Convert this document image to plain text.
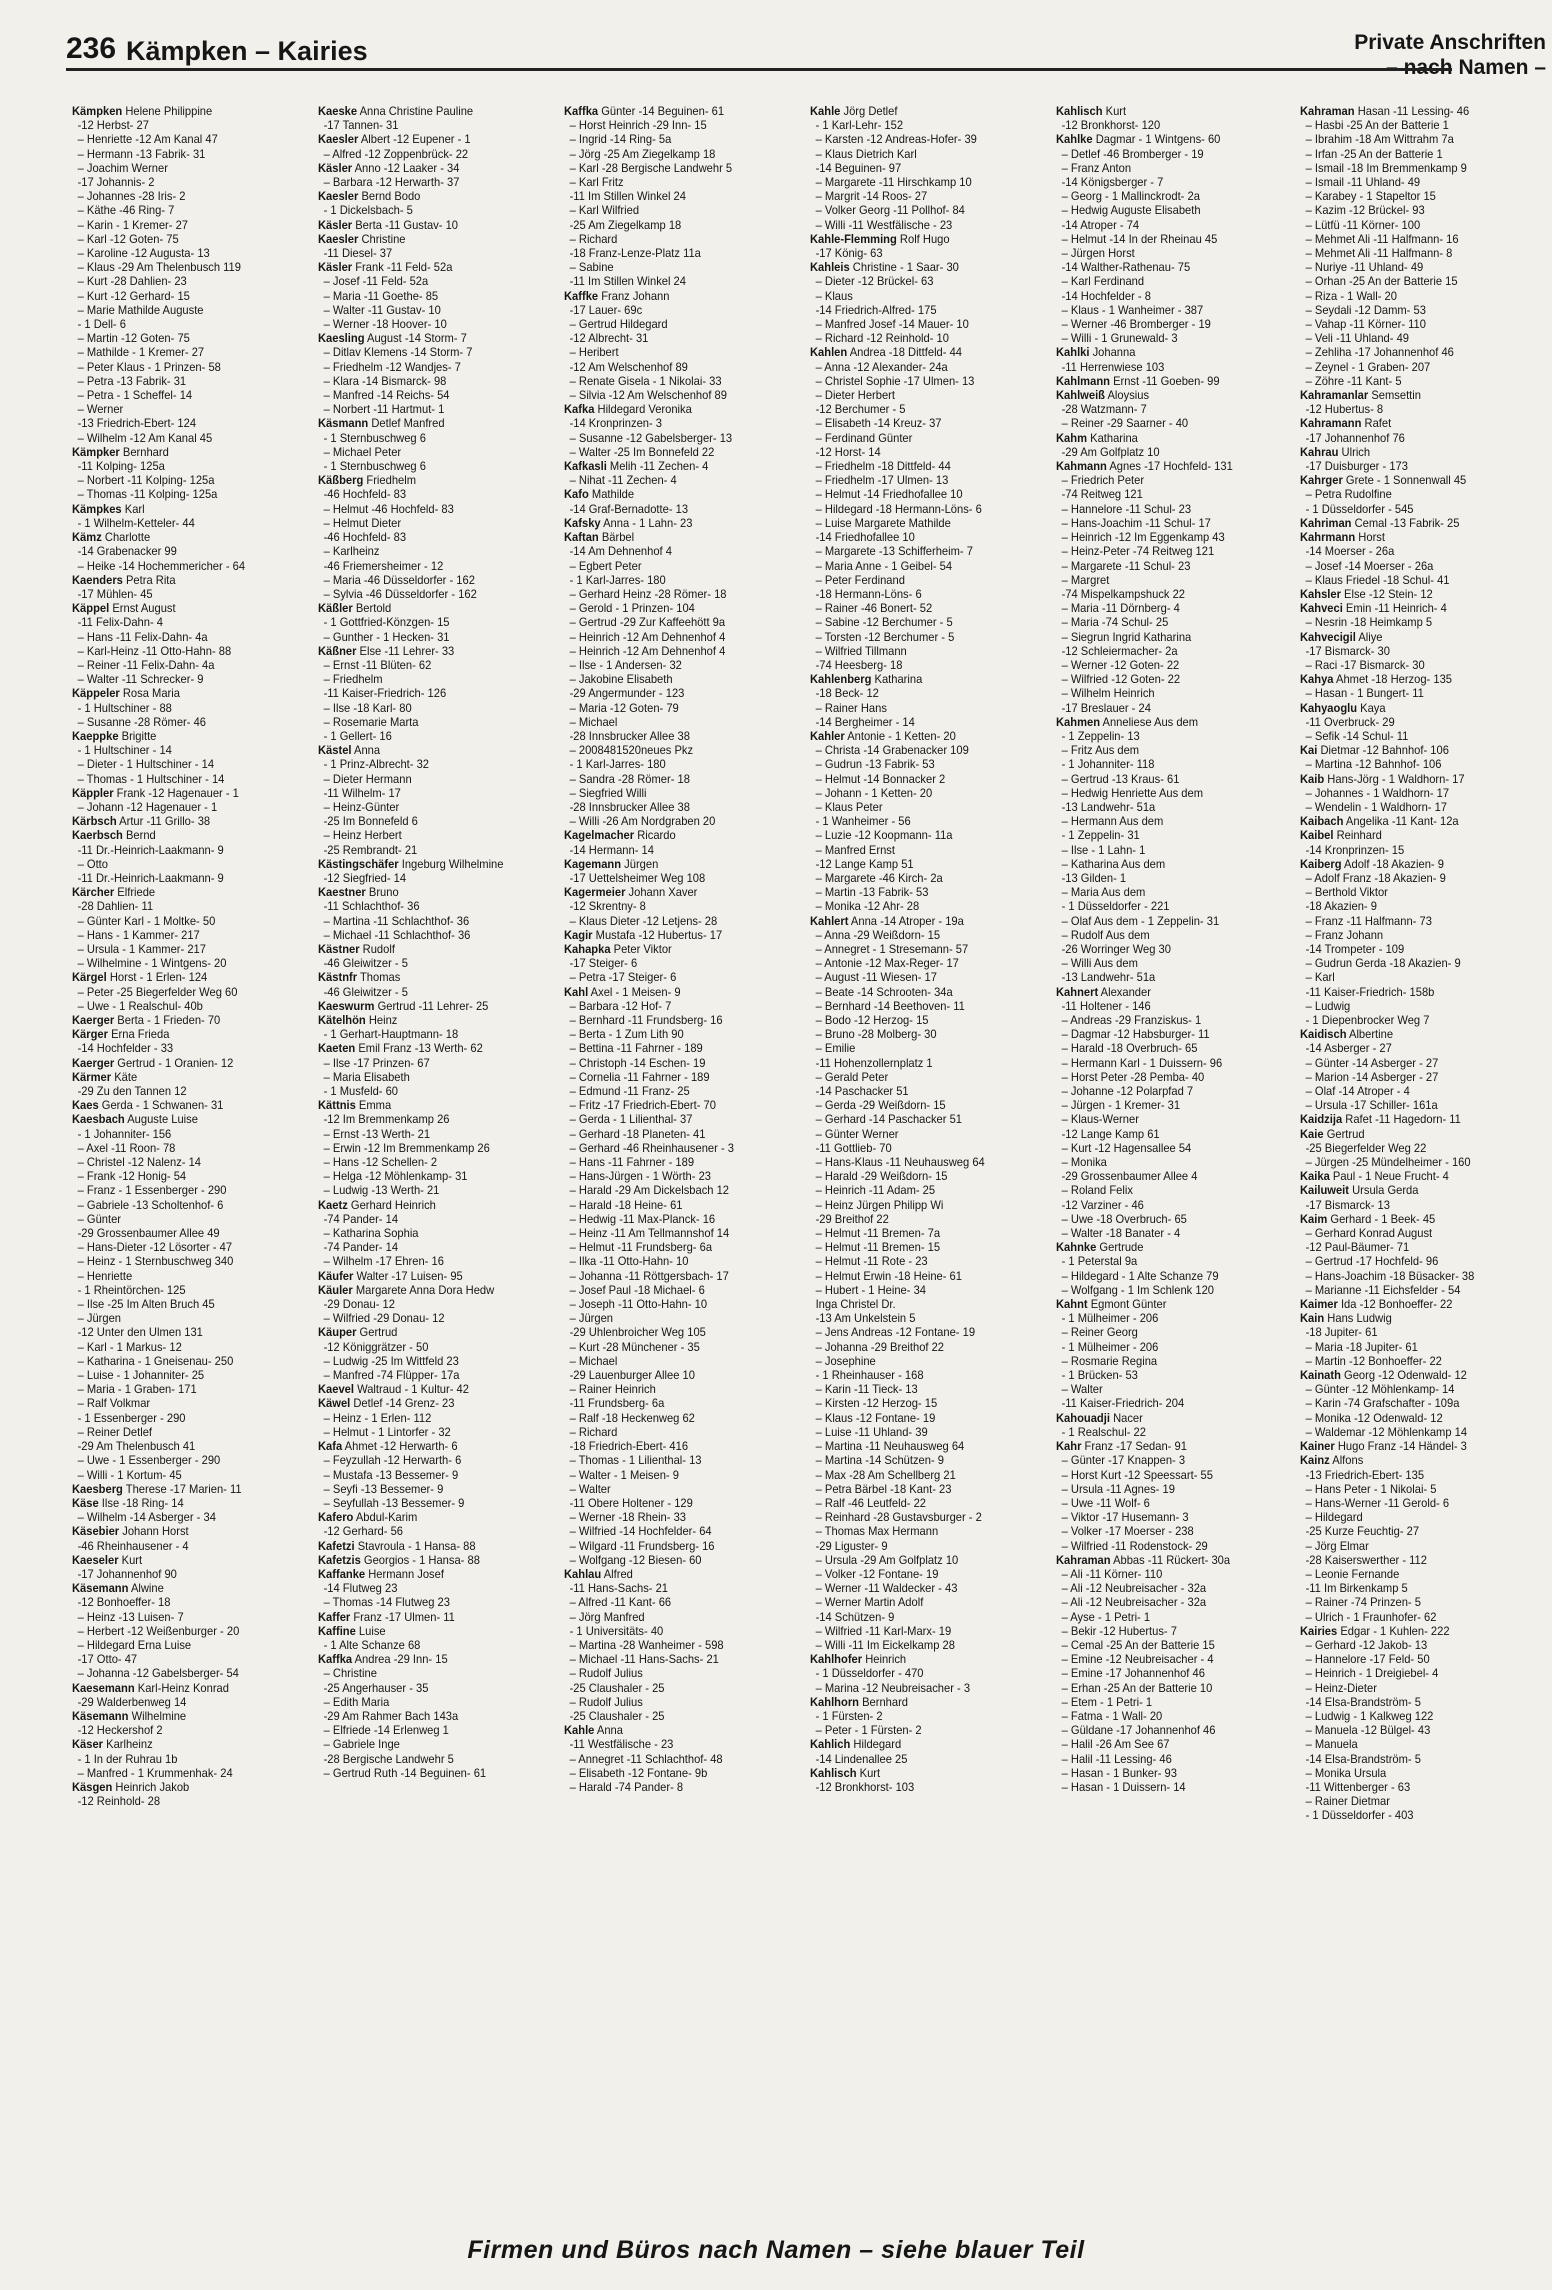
236 Kämpken – Kairies	Private Anschriften
– nach Namen –
Kämpken Helene Philippine
-12 Herbst- 27
– Henriette -12 Am Kanal 47
– Hermann -13 Fabrik- 31
– Joachim Werner
-17 Johannis- 2
– Johannes -28 Iris- 2
– Käthe -46 Ring- 7
– Karin - 1 Kremer- 27
– Karl -12 Goten- 75
– Karoline -12 Augusta- 13
– Klaus -29 Am Thelenbusch 119
– Kurt -28 Dahlien- 23
– Kurt -12 Gerhard- 15
– Marie Mathilde Auguste
- 1 Dell- 6
– Martin -12 Goten- 75
– Mathilde - 1 Kremer- 27
– Peter Klaus - 1 Prinzen- 58
– Petra -13 Fabrik- 31
– Petra - 1 Scheffel- 14
– Werner
-13 Friedrich-Ebert- 124
– Wilhelm -12 Am Kanal 45
Kämpker Bernhard
-11 Kolping- 125a
– Norbert -11 Kolping- 125a
– Thomas -11 Kolping- 125a
Kämpkes Karl
- 1 Wilhelm-Ketteler- 44
Kämz Charlotte
-14 Grabenacker 99
– Heike -14 Hochemmericher - 64
Kaenders Petra Rita
-17 Mühlen- 45
Käppel Ernst August
-11 Felix-Dahn- 4
– Hans -11 Felix-Dahn- 4a
– Karl-Heinz -11 Otto-Hahn- 88
– Reiner -11 Felix-Dahn- 4a
– Walter -11 Schrecker- 9
Käppeler Rosa Maria
- 1 Hultschiner - 88
– Susanne -28 Römer- 46
Kaeppke Brigitte
- 1 Hultschiner - 14
– Dieter - 1 Hultschiner - 14
– Thomas - 1 Hultschiner - 14
Käppler Frank -12 Hagenauer - 1
– Johann -12 Hagenauer - 1
Kärbsch Artur -11 Grillo- 38
Kaerbsch Bernd
-11 Dr.-Heinrich-Laakmann- 9
– Otto
-11 Dr.-Heinrich-Laakmann- 9
Kärcher Elfriede
-28 Dahlien- 11
– Günter Karl - 1 Moltke- 50
– Hans - 1 Kammer- 217
– Ursula - 1 Kammer- 217
– Wilhelmine - 1 Wintgens- 20
Kärgel Horst - 1 Erlen- 124
– Peter -25 Biegerfelder Weg 60
– Uwe - 1 Realschul- 40b
Kaerger Berta - 1 Frieden- 70
Kärger Erna Frieda
-14 Hochfelder - 33
Kaerger Gertrud - 1 Oranien- 12
Kärmer Käte
-29 Zu den Tannen 12
Kaes Gerda - 1 Schwanen- 31
Kaesbach Auguste Luise
- 1 Johanniter- 156
– Axel -11 Roon- 78
– Christel -12 Nalenz- 14
– Frank -12 Honig- 54
– Franz - 1 Essenberger - 290
– Gabriele -13 Scholtenhof- 6
– Günter
-29 Grossenbaumer Allee 49
– Hans-Dieter -12 Lösorter - 47
– Heinz - 1 Sternbuschweg 340
– Henriette
- 1 Rheintörchen- 125
– Ilse -25 Im Alten Bruch 45
– Jürgen
-12 Unter den Ulmen 131
– Karl - 1 Markus- 12
– Katharina - 1 Gneisenau- 250
– Luise - 1 Johanniter- 25
– Maria - 1 Graben- 171
– Ralf Volkmar
- 1 Essenberger - 290
– Reiner Detlef
-29 Am Thelenbusch 41
– Uwe - 1 Essenberger - 290
– Willi - 1 Kortum- 45
Kaesberg Therese -17 Marien- 11
Käse Ilse -18 Ring- 14
– Wilhelm -14 Asberger - 34
Käsebier Johann Horst
-46 Rheinhausener - 4
Kaeseler Kurt
-17 Johannenhof 90
Käsemann Alwine
-12 Bonhoeffer- 18
– Heinz -13 Luisen- 7
– Herbert -12 Weißenburger - 20
– Hildegard Erna Luise
-17 Otto- 47
– Johanna -12 Gabelsberger- 54
Kaesemann Karl-Heinz Konrad
-29 Walderbenweg 14
Käsemann Wilhelmine
-12 Heckershof 2
Käser Karlheinz
- 1 In der Ruhrau 1b
– Manfred - 1 Krummenhak- 24
Käsgen Heinrich Jakob
-12 Reinhold- 28
Kaeske Anna Christine Pauline
-17 Tannen- 31
Kaesler Albert -12 Eupener - 1
– Alfred -12 Zoppenbrück- 22
Käsler Anno -12 Laaker - 34
– Barbara -12 Herwarth- 37
Kaesler Bernd Bodo
- 1 Dickelsbach- 5
Käsler Berta -11 Gustav- 10
Kaesler Christine
-11 Diesel- 37
Käsler Frank -11 Feld- 52a
– Josef -11 Feld- 52a
– Maria -11 Goethe- 85
– Walter -11 Gustav- 10
– Werner -18 Hoover- 10
Kaesling August -14 Storm- 7
– Ditlav Klemens -14 Storm- 7
– Friedhelm -12 Wandjes- 7
– Klara -14 Bismarck- 98
– Manfred -14 Reichs- 54
– Norbert -11 Hartmut- 1
Käsmann Detlef Manfred
- 1 Sternbuschweg 6
– Michael Peter
- 1 Sternbuschweg 6
Käßberg Friedhelm
-46 Hochfeld- 83
– Helmut -46 Hochfeld- 83
– Helmut Dieter
-46 Hochfeld- 83
– Karlheinz
-46 Friemersheimer - 12
– Maria -46 Düsseldorfer - 162
– Sylvia -46 Düsseldorfer - 162
Käßler Bertold
- 1 Gottfried-Könzgen- 15
– Gunther - 1 Hecken- 31
Käßner Else -11 Lehrer- 33
– Ernst -11 Blüten- 62
– Friedhelm
-11 Kaiser-Friedrich- 126
– Ilse -18 Karl- 80
– Rosemarie Marta
- 1 Gellert- 16
Kästel Anna
- 1 Prinz-Albrecht- 32
– Dieter Hermann
-11 Wilhelm- 17
– Heinz-Günter
-25 Im Bonnefeld 6
– Heinz Herbert
-25 Rembrandt- 21
Kästingschäfer Ingeburg Wilhelmine
-12 Siegfried- 14
Kaestner Bruno
-11 Schlachthof- 36
– Martina -11 Schlachthof- 36
– Michael -11 Schlachthof- 36
Kästner Rudolf
-46 Gleiwitzer - 5
Kästnfr Thomas
-46 Gleiwitzer - 5
Kaeswurm Gertrud -11 Lehrer- 25
Kätelhön Heinz
- 1 Gerhart-Hauptmann- 18
Kaeten Emil Franz -13 Werth- 62
– Ilse -17 Prinzen- 67
– Maria Elisabeth
- 1 Musfeld- 60
Kättnis Emma
-12 Im Bremmenkamp 26
– Ernst -13 Werth- 21
– Erwin -12 Im Bremmenkamp 26
– Hans -12 Schellen- 2
– Helga -12 Möhlenkamp- 31
– Ludwig -13 Werth- 21
Kaetz Gerhard Heinrich
-74 Pander- 14
– Katharina Sophia
-74 Pander- 14
– Wilhelm -17 Ehren- 16
Käufer Walter -17 Luisen- 95
Käuler Margarete Anna Dora Hedw
-29 Donau- 12
– Wilfried -29 Donau- 12
Käuper Gertrud
-12 Königgrätzer - 50
– Ludwig -25 Im Wittfeld 23
– Manfred -74 Flüpper- 17a
Kaevel Waltraud - 1 Kultur- 42
Käwel Detlef -14 Grenz- 23
– Heinz - 1 Erlen- 112
– Helmut - 1 Lintorfer - 32
Kafa Ahmet -12 Herwarth- 6
– Feyzullah -12 Herwarth- 6
– Mustafa -13 Bessemer- 9
– Seyfi -13 Bessemer- 9
– Seyfullah -13 Bessemer- 9
Kafero Abdul-Karim
-12 Gerhard- 56
Kafetzi Stavroula - 1 Hansa- 88
Kafetzis Georgios - 1 Hansa- 88
Kaffanke Hermann Josef
-14 Flutweg 23
– Thomas -14 Flutweg 23
Kaffer Franz -17 Ulmen- 11
Kaffine Luise
- 1 Alte Schanze 68
Kaffka Andrea -29 Inn- 15
– Christine
-25 Angerhauser - 35
– Edith Maria
-29 Am Rahmer Bach 143a
– Elfriede -14 Erlenweg 1
– Gabriele Inge
-28 Bergische Landwehr 5
– Gertrud Ruth -14 Beguinen- 61
Kaffka Günter -14 Beguinen- 61
– Horst Heinrich -29 Inn- 15
– Ingrid -14 Ring- 5a
– Jörg -25 Am Ziegelkamp 18
– Karl -28 Bergische Landwehr 5
– Karl Fritz
-11 Im Stillen Winkel 24
– Karl Wilfried
-25 Am Ziegelkamp 18
– Richard
-18 Franz-Lenze-Platz 11a
– Sabine
-11 Im Stillen Winkel 24
Kaffke Franz Johann
-17 Lauer- 69c
– Gertrud Hildegard
-12 Albrecht- 31
– Heribert
-12 Am Welschenhof 89
– Renate Gisela - 1 Nikolai- 33
– Silvia -12 Am Welschenhof 89
Kafka Hildegard Veronika
-14 Kronprinzen- 3
– Susanne -12 Gabelsberger- 13
– Walter -25 Im Bonnefeld 22
Kafkasli Melih -11 Zechen- 4
– Nihat -11 Zechen- 4
Kafo Mathilde
-14 Graf-Bernadotte- 13
Kafsky Anna - 1 Lahn- 23
Kaftan Bärbel
-14 Am Dehnenhof 4
– Egbert Peter
- 1 Karl-Jarres- 180
– Gerhard Heinz -28 Römer- 18
– Gerold - 1 Prinzen- 104
– Gertrud -29 Zur Kaffeehött 9a
– Heinrich -12 Am Dehnenhof 4
– Heinrich -12 Am Dehnenhof 4
– Ilse - 1 Andersen- 32
– Jakobine Elisabeth
-29 Angermunder - 123
– Maria -12 Goten- 79
– Michael
-28 Innsbrucker Allee 38
– 2008481520neues Pkz
- 1 Karl-Jarres- 180
– Sandra -28 Römer- 18
– Siegfried Willi
-28 Innsbrucker Allee 38
– Willi -26 Am Nordgraben 20
Kagelmacher Ricardo
-14 Hermann- 14
Kagemann Jürgen
-17 Uettelsheimer Weg 108
Kagermeier Johann Xaver
-12 Skrentny- 8
– Klaus Dieter -12 Letjens- 28
Kagir Mustafa -12 Hubertus- 17
Kahapka Peter Viktor
-17 Steiger- 6
– Petra -17 Steiger- 6
Kahl Axel - 1 Meisen- 9
– Barbara -12 Hof- 7
– Bernhard -11 Frundsberg- 16
– Berta - 1 Zum Lith 90
– Bettina -11 Fahrner - 189
– Christoph -14 Eschen- 19
– Cornelia -11 Fahrner - 189
– Edmund -11 Franz- 25
– Fritz -17 Friedrich-Ebert- 70
– Gerda - 1 Lilienthal- 37
– Gerhard -18 Planeten- 41
– Gerhard -46 Rheinhausener - 3
– Hans -11 Fahrner - 189
– Hans-Jürgen - 1 Wörth- 23
– Harald -29 Am Dickelsbach 12
– Harald -18 Heine- 61
– Hedwig -11 Max-Planck- 16
– Heinz -11 Am Tellmannshof 14
– Helmut -11 Frundsberg- 6a
– Ilka -11 Otto-Hahn- 10
– Johanna -11 Röttgersbach- 17
– Josef Paul -18 Michael- 6
– Joseph -11 Otto-Hahn- 10
– Jürgen
-29 Uhlenbroicher Weg 105
– Kurt -28 Münchener - 35
– Michael
-29 Lauenburger Allee 10
– Rainer Heinrich
-11 Frundsberg- 6a
– Ralf -18 Heckenweg 62
– Richard
-18 Friedrich-Ebert- 416
– Thomas - 1 Lilienthal- 13
– Walter - 1 Meisen- 9
– Walter
-11 Obere Holtener - 129
– Werner -18 Rhein- 33
– Wilfried -14 Hochfelder- 64
– Wilgard -11 Frundsberg- 16
– Wolfgang -12 Biesen- 60
Kahlau Alfred
-11 Hans-Sachs- 21
– Alfred -11 Kant- 66
– Jörg Manfred
- 1 Universitäts- 40
– Martina -28 Wanheimer - 598
– Michael -11 Hans-Sachs- 21
– Rudolf Julius
-25 Claushaler - 25
– Rudolf Julius
-25 Claushaler - 25
Kahle Anna
-11 Westfälische - 23
– Annegret -11 Schlachthof- 48
– Elisabeth -12 Fontane- 9b
– Harald -74 Pander- 8
Kahle Jörg Detlef
- 1 Karl-Lehr- 152
– Karsten -12 Andreas-Hofer- 39
– Klaus Dietrich Karl
-14 Beguinen- 97
– Margarete -11 Hirschkamp 10
– Margrit -14 Roos- 27
– Volker Georg -11 Pollhof- 84
– Willi -11 Westfälische - 23
Kahle-Flemming Rolf Hugo
-17 König- 63
Kahleis Christine - 1 Saar- 30
– Dieter -12 Brückel- 63
– Klaus
-14 Friedrich-Alfred- 175
– Manfred Josef -14 Mauer- 10
– Richard -12 Reinhold- 10
Kahlen Andrea -18 Dittfeld- 44
– Anna -12 Alexander- 24a
– Christel Sophie -17 Ulmen- 13
– Dieter Herbert
-12 Berchumer - 5
– Elisabeth -14 Kreuz- 37
– Ferdinand Günter
-12 Horst- 14
– Friedhelm -18 Dittfeld- 44
– Friedhelm -17 Ulmen- 13
– Helmut -14 Friedhofallee 10
– Hildegard -18 Hermann-Löns- 6
– Luise Margarete Mathilde
-14 Friedhofallee 10
– Margarete -13 Schifferheim- 7
– Maria Anne - 1 Geibel- 54
– Peter Ferdinand
-18 Hermann-Löns- 6
– Rainer -46 Bonert- 52
– Sabine -12 Berchumer - 5
– Torsten -12 Berchumer - 5
– Wilfried Tillmann
-74 Heesberg- 18
Kahlenberg Katharina
-18 Beck- 12
– Rainer Hans
-14 Bergheimer - 14
Kahler Antonie - 1 Ketten- 20
– Christa -14 Grabenacker 109
– Gudrun -13 Fabrik- 53
– Helmut -14 Bonnacker 2
– Johann - 1 Ketten- 20
– Klaus Peter
- 1 Wanheimer - 56
– Luzie -12 Koopmann- 11a
– Manfred Ernst
-12 Lange Kamp 51
– Margarete -46 Kirch- 2a
– Martin -13 Fabrik- 53
– Monika -12 Ahr- 28
Kahlert Anna -14 Atroper - 19a
– Anna -29 Weißdorn- 15
– Annegret - 1 Stresemann- 57
– Antonie -12 Max-Reger- 17
– August -11 Wiesen- 17
– Beate -14 Schrooten- 34a
– Bernhard -14 Beethoven- 11
– Bodo -12 Herzog- 15
– Bruno -28 Molberg- 30
– Emilie
-11 Hohenzollernplatz 1
– Gerald Peter
-14 Paschacker 51
– Gerda -29 Weißdorn- 15
– Gerhard -14 Paschacker 51
– Günter Werner
-11 Gottlieb- 70
– Hans-Klaus -11 Neuhausweg 64
– Harald -29 Weißdorn- 15
– Heinrich -11 Adam- 25
– Heinz Jürgen Philipp Wi
-29 Breithof 22
– Helmut -11 Bremen- 7a
– Helmut -11 Bremen- 15
– Helmut -11 Rote - 23
– Helmut Erwin -18 Heine- 61
– Hubert - 1 Heine- 34
Inga Christel Dr.
-13 Am Unkelstein 5
– Jens Andreas -12 Fontane- 19
– Johanna -29 Breithof 22
– Josephine
- 1 Rheinhauser - 168
– Karin -11 Tieck- 13
– Kirsten -12 Herzog- 15
– Klaus -12 Fontane- 19
– Luise -11 Uhland- 39
– Martina -11 Neuhausweg 64
– Martina -14 Schützen- 9
– Max -28 Am Schellberg 21
– Petra Bärbel -18 Kant- 23
– Ralf -46 Leutfeld- 22
– Reinhard -28 Gustavsburger - 2
– Thomas Max Hermann
-29 Liguster- 9
– Ursula -29 Am Golfplatz 10
– Volker -12 Fontane- 19
– Werner -11 Waldecker - 43
– Werner Martin Adolf
-14 Schützen- 9
– Wilfried -11 Karl-Marx- 19
– Willi -11 Im Eickelkamp 28
Kahlhofer Heinrich
- 1 Düsseldorfer - 470
– Marina -12 Neubreisacher - 3
Kahlhorn Bernhard
- 1 Fürsten- 2
– Peter - 1 Fürsten- 2
Kahlich Hildegard
-14 Lindenallee 25
Kahlisch Kurt
-12 Bronkhorst- 103
Kahlisch Kurt
-12 Bronkhorst- 120
Kahlke Dagmar - 1 Wintgens- 60
– Detlef -46 Bromberger - 19
– Franz Anton
-14 Königsberger - 7
– Georg - 1 Mallinckrodt- 2a
– Hedwig Auguste Elisabeth
-14 Atroper - 74
– Helmut -14 In der Rheinau 45
– Jürgen Horst
-14 Walther-Rathenau- 75
– Karl Ferdinand
-14 Hochfelder - 8
– Klaus - 1 Wanheimer - 387
– Werner -46 Bromberger - 19
– Willi - 1 Grunewald- 3
Kahlki Johanna
-11 Herrenwiese 103
Kahlmann Ernst -11 Goeben- 99
Kahlweiß Aloysius
-28 Watzmann- 7
– Reiner -29 Saarner - 40
Kahm Katharina
-29 Am Golfplatz 10
Kahmann Agnes -17 Hochfeld- 131
– Friedrich Peter
-74 Reitweg 121
– Hannelore -11 Schul- 23
– Hans-Joachim -11 Schul- 17
– Heinrich -12 Im Eggenkamp 43
– Heinz-Peter -74 Reitweg 121
– Margarete -11 Schul- 23
– Margret
-74 Mispelkampshuck 22
– Maria -11 Dörnberg- 4
– Maria -74 Schul- 25
– Siegrun Ingrid Katharina
-12 Schleiermacher- 2a
– Werner -12 Goten- 22
– Wilfried -12 Goten- 22
– Wilhelm Heinrich
-17 Breslauer - 24
Kahmen Anneliese Aus dem
- 1 Zeppelin- 13
– Fritz Aus dem
- 1 Johanniter- 118
– Gertrud -13 Kraus- 61
– Hedwig Henriette Aus dem
-13 Landwehr- 51a
– Hermann Aus dem
- 1 Zeppelin- 31
– Ilse - 1 Lahn- 1
– Katharina Aus dem
-13 Gilden- 1
– Maria Aus dem
- 1 Düsseldorfer - 221
– Olaf Aus dem - 1 Zeppelin- 31
– Rudolf Aus dem
-26 Worringer Weg 30
– Willi Aus dem
-13 Landwehr- 51a
Kahnert Alexander
-11 Holtener - 146
– Andreas -29 Franziskus- 1
– Dagmar -12 Habsburger- 11
– Harald -18 Overbruch- 65
– Hermann Karl - 1 Duissern- 96
– Horst Peter -28 Pemba- 40
– Johanne -12 Polarpfad 7
– Jürgen - 1 Kremer- 31
– Klaus-Werner
-12 Lange Kamp 61
– Kurt -12 Hagensallee 54
– Monika
-29 Grossenbaumer Allee 4
– Roland Felix
-12 Varziner - 46
– Uwe -18 Overbruch- 65
– Walter -18 Banater - 4
Kahnke Gertrude
- 1 Peterstal 9a
– Hildegard - 1 Alte Schanze 79
– Wolfgang - 1 Im Schlenk 120
Kahnt Egmont Günter
- 1 Mülheimer - 206
– Reiner Georg
- 1 Mülheimer - 206
– Rosmarie Regina
- 1 Brücken- 53
– Walter
-11 Kaiser-Friedrich- 204
Kahouadji Nacer
- 1 Realschul- 22
Kahr Franz -17 Sedan- 91
– Günter -17 Knappen- 3
– Horst Kurt -12 Speessart- 55
– Ursula -11 Agnes- 19
– Uwe -11 Wolf- 6
– Viktor -17 Husemann- 3
– Volker -17 Moerser - 238
– Wilfried -11 Rodenstock- 29
Kahraman Abbas -11 Rückert- 30a
– Ali -11 Körner- 110
– Ali -12 Neubreisacher - 32a
– Ali -12 Neubreisacher - 32a
– Ayse - 1 Petri- 1
– Bekir -12 Hubertus- 7
– Cemal -25 An der Batterie 15
– Emine -12 Neubreisacher - 4
– Emine -17 Johannenhof 46
– Erhan -25 An der Batterie 10
– Etem - 1 Petri- 1
– Fatma - 1 Wall- 20
– Güldane -17 Johannenhof 46
– Halil -26 Am See 67
– Halil -11 Lessing- 46
– Hasan - 1 Bunker- 93
– Hasan - 1 Duissern- 14
Kahraman Hasan -11 Lessing- 46
– Hasbi -25 An der Batterie 1
– Ibrahim -18 Am Wittrahm 7a
– Irfan -25 An der Batterie 1
– Ismail -18 Im Bremmenkamp 9
– Ismail -11 Uhland- 49
– Karabey - 1 Stapeltor 15
– Kazim -12 Brückel- 93
– Lütfü -11 Körner- 100
– Mehmet Ali -11 Halfmann- 16
– Mehmet Ali -11 Halfmann- 8
– Nuriye -11 Uhland- 49
– Orhan -25 An der Batterie 15
– Riza - 1 Wall- 20
– Seydali -12 Damm- 53
– Vahap -11 Körner- 110
– Veli -11 Uhland- 49
– Zehliha -17 Johannenhof 46
– Zeynel - 1 Graben- 207
– Zöhre -11 Kant- 5
Kahramanlar Semsettin
-12 Hubertus- 8
Kahramann Rafet
-17 Johannenhof 76
Kahrau Ulrich
-17 Duisburger - 173
Kahrger Grete - 1 Sonnenwall 45
– Petra Rudolfine
- 1 Düsseldorfer - 545
Kahriman Cemal -13 Fabrik- 25
Kahrmann Horst
-14 Moerser - 26a
– Josef -14 Moerser - 26a
– Klaus Friedel -18 Schul- 41
Kahsler Else -12 Stein- 12
Kahveci Emin -11 Heinrich- 4
– Nesrin -18 Heimkamp 5
Kahvecigil Aliye
-17 Bismarck- 30
– Raci -17 Bismarck- 30
Kahya Ahmet -18 Herzog- 135
– Hasan - 1 Bungert- 11
Kahyaoglu Kaya
-11 Overbruck- 29
– Sefik -14 Schul- 11
Kai Dietmar -12 Bahnhof- 106
– Martina -12 Bahnhof- 106
Kaib Hans-Jörg - 1 Waldhorn- 17
– Johannes - 1 Waldhorn- 17
– Wendelin - 1 Waldhorn- 17
Kaibach Angelika -11 Kant- 12a
Kaibel Reinhard
-14 Kronprinzen- 15
Kaiberg Adolf -18 Akazien- 9
– Adolf Franz -18 Akazien- 9
– Berthold Viktor
-18 Akazien- 9
– Franz -11 Halfmann- 73
– Franz Johann
-14 Trompeter - 109
– Gudrun Gerda -18 Akazien- 9
– Karl
-11 Kaiser-Friedrich- 158b
– Ludwig
- 1 Diepenbrocker Weg 7
Kaidisch Albertine
-14 Asberger - 27
– Günter -14 Asberger - 27
– Marion -14 Asberger - 27
– Olaf -14 Atroper - 4
– Ursula -17 Schiller- 161a
Kaidzija Rafet -11 Hagedorn- 11
Kaie Gertrud
-25 Biegerfelder Weg 22
– Jürgen -25 Mündelheimer - 160
Kaika Paul - 1 Neue Frucht- 4
Kailuweit Ursula Gerda
-17 Bismarck- 13
Kaim Gerhard - 1 Beek- 45
– Gerhard Konrad August
-12 Paul-Bäumer- 71
– Gertrud -17 Hochfeld- 96
– Hans-Joachim -18 Büsacker- 38
– Marianne -11 Eichsfelder - 54
Kaimer Ida -12 Bonhoeffer- 22
Kain Hans Ludwig
-18 Jupiter- 61
– Maria -18 Jupiter- 61
– Martin -12 Bonhoeffer- 22
Kainath Georg -12 Odenwald- 12
– Günter -12 Möhlenkamp- 14
– Karin -74 Grafschafter - 109a
– Monika -12 Odenwald- 12
– Waldemar -12 Möhlenkamp 14
Kainer Hugo Franz -14 Händel- 3
Kainz Alfons
-13 Friedrich-Ebert- 135
– Hans Peter - 1 Nikolai- 5
– Hans-Werner -11 Gerold- 6
– Hildegard
-25 Kurze Feuchtig- 27
– Jörg Elmar
-28 Kaiserswerther - 112
– Leonie Fernande
-11 Im Birkenkamp 5
– Rainer -74 Prinzen- 5
– Ulrich - 1 Fraunhofer- 62
Kairies Edgar - 1 Kuhlen- 222
– Gerhard -12 Jakob- 13
– Hannelore -17 Feld- 50
– Heinrich - 1 Dreigiebel- 4
– Heinz-Dieter
-14 Elsa-Brandström- 5
– Ludwig - 1 Kalkweg 122
– Manuela -12 Bülgel- 43
– Manuela
-14 Elsa-Brandström- 5
– Monika Ursula
-11 Wittenberger - 63
– Rainer Dietmar
- 1 Düsseldorfer - 403
Firmen und Büros nach Namen – siehe blauer Teil
